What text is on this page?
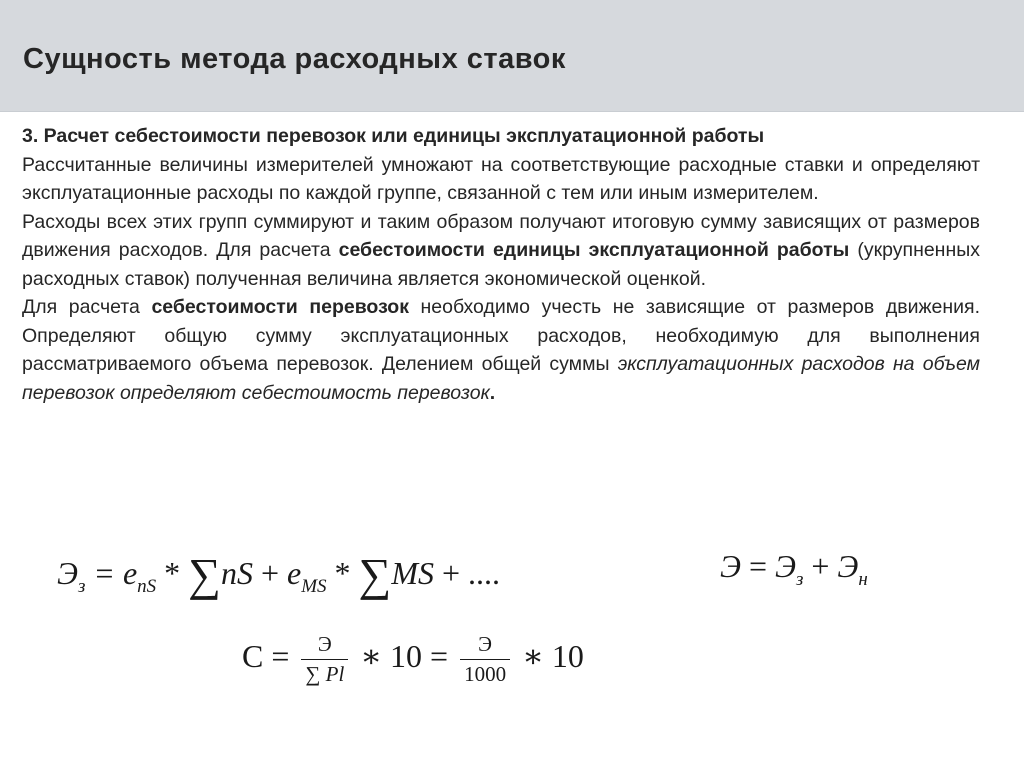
Сущность метода расходных ставок

3. Расчет себестоимости перевозок или единицы эксплуатационной работы

Рассчитанные величины измерителей умножают на соответствующие расходные ставки и определяют эксплуатационные расходы по каждой группе, связанной с тем или иным измерителем.

Расходы всех этих групп суммируют и таким образом получают итоговую сумму зависящих от размеров движения расходов. Для расчета себестоимости единицы эксплуатационной работы (укрупненных расходных ставок) полученная величина является экономической оценкой.

Для расчета себестоимости перевозок необходимо учесть не зависящие от размеров движения. Определяют общую сумму эксплуатационных расходов, необходимую для выполнения рассматриваемого объема перевозок. Делением общей суммы эксплуатационных расходов на объем перевозок определяют себестоимость перевозок.

$Э_з = e_{nS} * \sum nS + e_{MS} * \sum MS$ + ....	$Э = Э_з + Э_н$
$C = \frac{Э}{\sum Pl}$ ∗ $10 = \frac{Э}{1000}$ ∗ 10
